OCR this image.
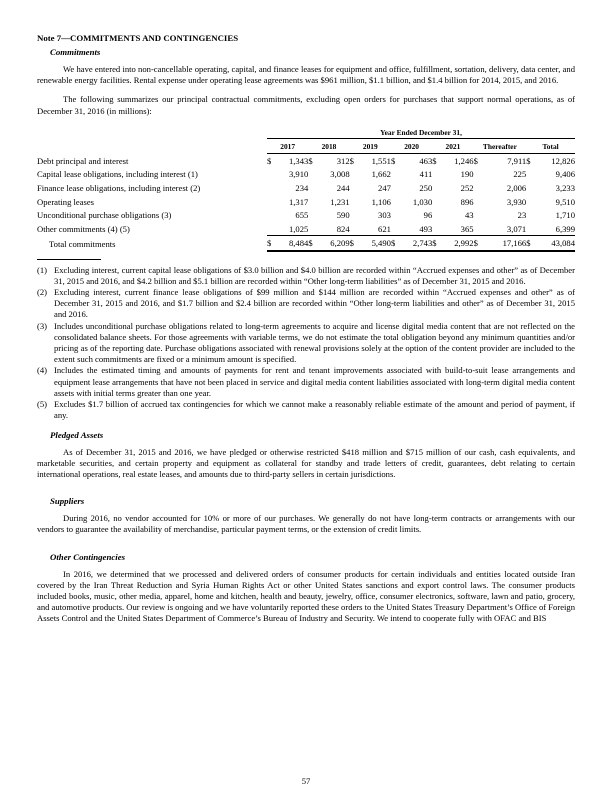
Note 7—COMMITMENTS AND CONTINGENCIES
Commitments

We have entered into non-cancellable operating, capital, and finance leases for equipment and office, fulfillment, sortation, delivery, data center, and renewable energy facilities. Rental expense under operating lease agreements was $961 million, $1.1 billion, and $1.4 billion for 2014, 2015, and 2016.

The following summarizes our principal contractual commitments, excluding open orders for purchases that support normal operations, as of December 31, 2016 (in millions):

	Year Ended December 31,													
	2017		2018		2019		2020		2021		Thereafter		Total	
Debt principal and interest	$	1,343	$	312	$	1,551	$	463	$	1,246	$	7,911	$	12,826
Capital lease obligations, including interest (1)		3,910		3,008		1,662		411		190		225		9,406
Finance lease obligations, including interest (2)		234		244		247		250		252		2,006		3,233
Operating leases		1,317		1,231		1,106		1,030		896		3,930		9,510
Unconditional purchase obligations (3)		655		590		303		96		43		23		1,710
Other commitments (4) (5)		1,025		824		621		493		365		3,071		6,399
Total commitments	$	8,484	$	6,209	$	5,490	$	2,743	$	2,992	$	17,166	$	43,084
(1) Excluding interest, current capital lease obligations of $3.0 billion and $4.0 billion are recorded within “Accrued expenses and other” as of December 31, 2015 and 2016, and $4.2 billion and $5.1 billion are recorded within “Other long-term liabilities” as of December 31, 2015 and 2016.
(2) Excluding interest, current finance lease obligations of $99 million and $144 million are recorded within “Accrued expenses and other” as of December 31, 2015 and 2016, and $1.7 billion and $2.4 billion are recorded within “Other long-term liabilities and other” as of December 31, 2015 and 2016.
(3) Includes unconditional purchase obligations related to long-term agreements to acquire and license digital media content that are not reflected on the consolidated balance sheets. For those agreements with variable terms, we do not estimate the total obligation beyond any minimum quantities and/or pricing as of the reporting date. Purchase obligations associated with renewal provisions solely at the option of the content provider are included to the extent such commitments are fixed or a minimum amount is specified.
(4) Includes the estimated timing and amounts of payments for rent and tenant improvements associated with build-to-suit lease arrangements and equipment lease arrangements that have not been placed in service and digital media content liabilities associated with long-term digital media content assets with initial terms greater than one year.
(5) Excludes $1.7 billion of accrued tax contingencies for which we cannot make a reasonably reliable estimate of the amount and period of payment, if any.
Pledged Assets

As of December 31, 2015 and 2016, we have pledged or otherwise restricted $418 million and $715 million of our cash, cash equivalents, and marketable securities, and certain property and equipment as collateral for standby and trade letters of credit, guarantees, debt relating to certain international operations, real estate leases, and amounts due to third-party sellers in certain jurisdictions.

Suppliers

During 2016, no vendor accounted for 10% or more of our purchases. We generally do not have long-term contracts or arrangements with our vendors to guarantee the availability of merchandise, particular payment terms, or the extension of credit limits.

Other Contingencies

In 2016, we determined that we processed and delivered orders of consumer products for certain individuals and entities located outside Iran covered by the Iran Threat Reduction and Syria Human Rights Act or other United States sanctions and export control laws. The consumer products included books, music, other media, apparel, home and kitchen, health and beauty, jewelry, office, consumer electronics, software, lawn and patio, grocery, and automotive products. Our review is ongoing and we have voluntarily reported these orders to the United States Treasury Department’s Office of Foreign Assets Control and the United States Department of Commerce’s Bureau of Industry and Security. We intend to cooperate fully with OFAC and BIS

57
